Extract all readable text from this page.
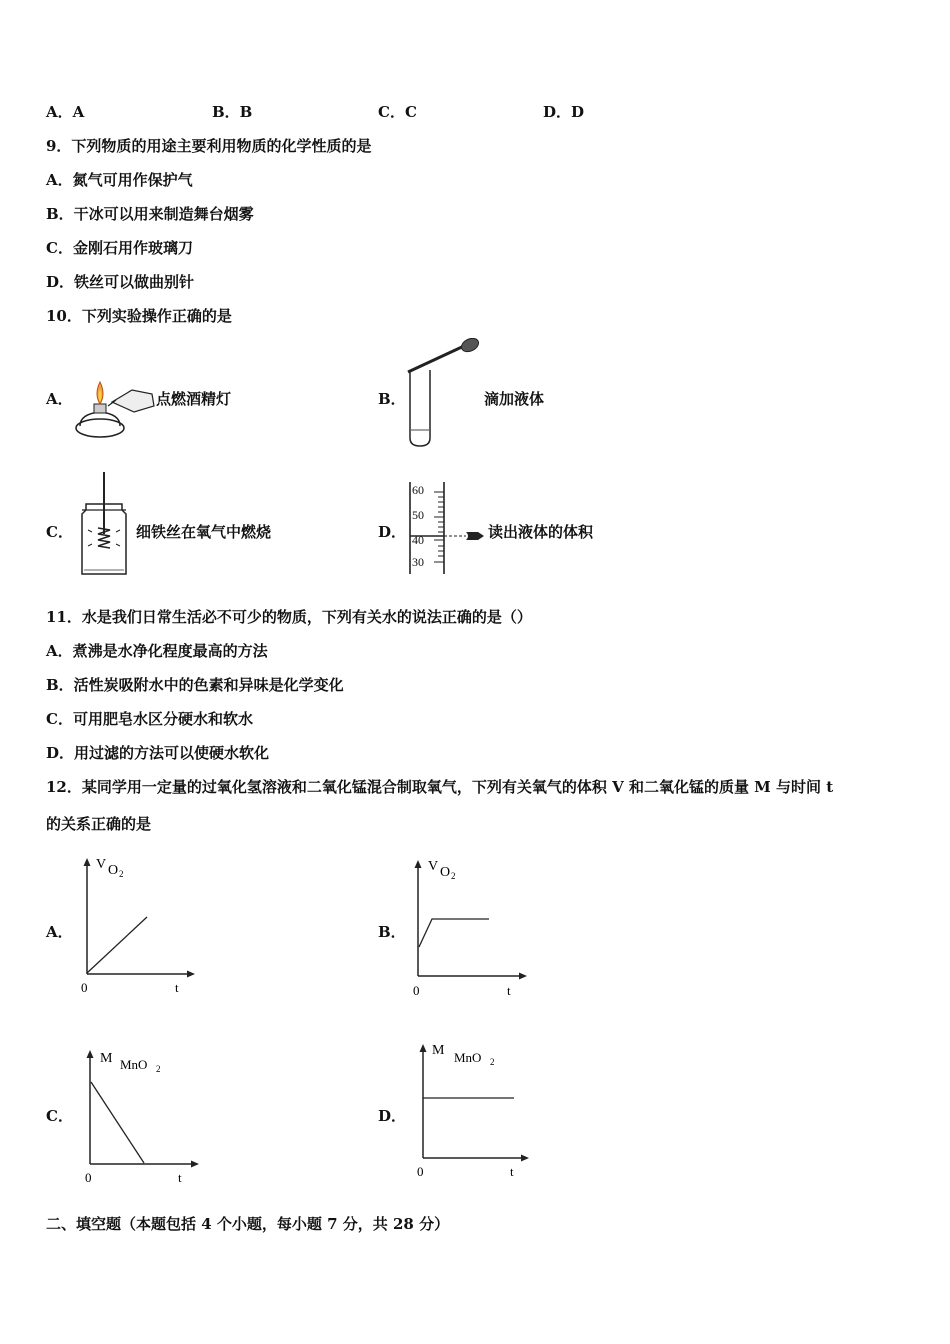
A．A	B．B	C．C	D．D
9．下列物质的用途主要利用物质的化学性质的是
A．氮气可用作保护气
B．干冰可以用来制造舞台烟雾
C．金刚石用作玻璃刀
D．铁丝可以做曲别针
10．下列实验操作正确的是
A．	点燃酒精灯	B．	滴加液体
C．	细铁丝在氧气中燃烧	D．
60
50
40
30
读出液体的体积
11．水是我们日常生活必不可少的物质，下列有关水的说法正确的是（）
A．煮沸是水净化程度最高的方法
B．活性炭吸附水中的色素和异味是化学变化
C．可用肥皂水区分硬水和软水
D．用过滤的方法可以使硬水软化
12．某同学用一定量的过氧化氢溶液和二氧化锰混合制取氧气，下列有关氧气的体积 V 和二氧化锰的质量 M 与时间 t
的关系正确的是
A．	B．
C．	D．
V O 2
0	t
V O 2
0	t
M MnO 2
0	t
M MnO 2
0	t
二、填空题（本题包括 4 个小题，每小题 7 分，共 28 分）
